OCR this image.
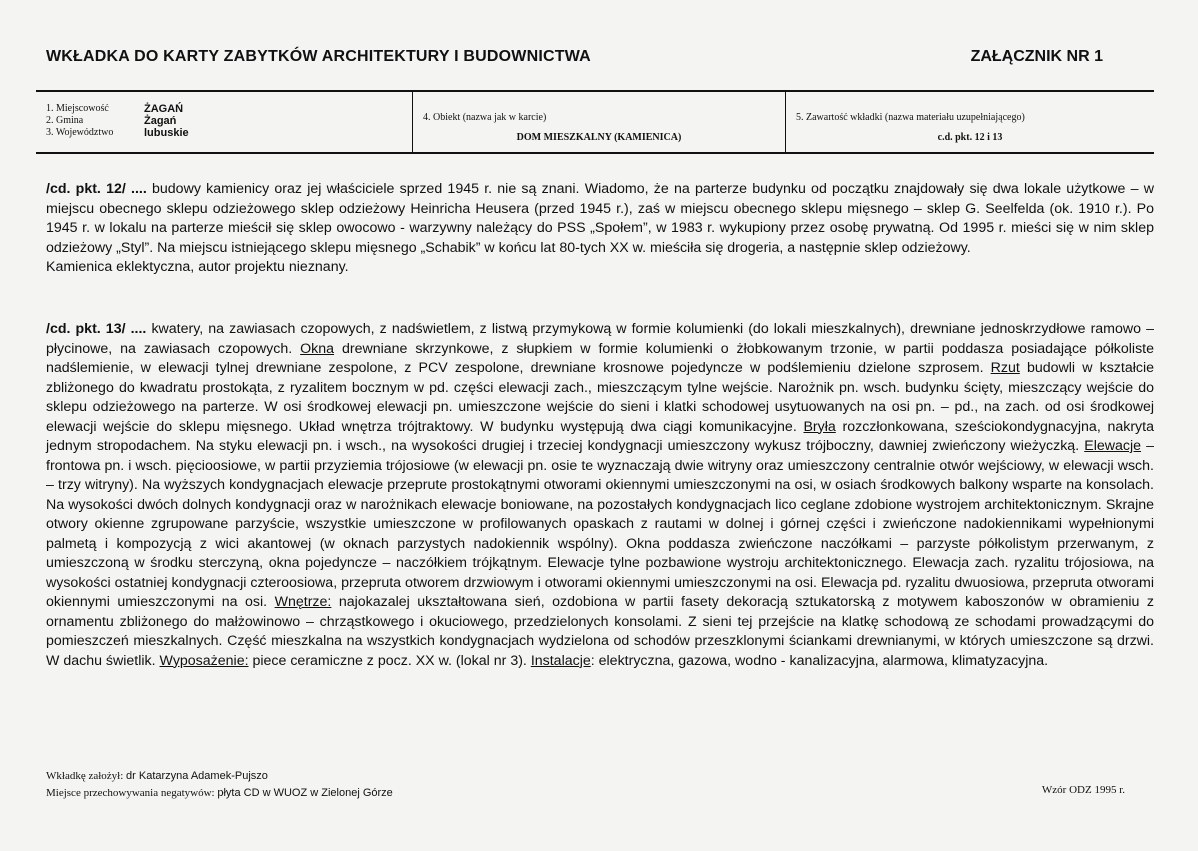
WKŁADKA DO KARTY ZABYTKÓW ARCHITEKTURY I BUDOWNICTWA	ZAŁĄCZNIK NR 1
1. Miejscowość	ŻAGAŃ
2. Gmina	Żagań
3. Województwo	lubuskie
4. Obiekt (nazwa jak w karcie)
DOM MIESZKALNY (KAMIENICA)
5. Zawartość wkładki (nazwa materiału uzupełniającego)
c.d. pkt. 12 i 13
/cd. pkt. 12/ .... budowy kamienicy oraz jej właściciele sprzed 1945 r. nie są znani. Wiadomo, że na parterze budynku od początku znajdowały się dwa lokale użytkowe – w miejscu obecnego sklepu odzieżowego sklep odzieżowy Heinricha Heusera (przed 1945 r.), zaś w miejscu obecnego sklepu mięsnego – sklep G. Seelfelda (ok. 1910 r.). Po 1945 r. w lokalu na parterze mieścił się sklep owocowo - warzywny należący do PSS „Społem”, w 1983 r. wykupiony przez osobę prywatną. Od 1995 r. mieści się w nim sklep odzieżowy „Styl”. Na miejscu istniejącego sklepu mięsnego „Schabik” w końcu lat 80-tych XX w. mieściła się drogeria, a następnie sklep odzieżowy.
Kamienica eklektyczna, autor projektu nieznany.
/cd. pkt. 13/ .... kwatery, na zawiasach czopowych, z nadświetlem, z listwą przymykową w formie kolumienki (do lokali mieszkalnych), drewniane jednoskrzydłowe ramowo – płycinowe, na zawiasach czopowych. Okna drewniane skrzynkowe, z słupkiem w formie kolumienki o żłobkowanym trzonie, w partii poddasza posiadające półkoliste nadślemienie, w elewacji tylnej drewniane zespolone, z PCV zespolone, drewniane krosnowe pojedyncze w podślemieniu dzielone szprosem. Rzut budowli w kształcie zbliżonego do kwadratu prostokąta, z ryzalitem bocznym w pd. części elewacji zach., mieszczącym tylne wejście. Narożnik pn. wsch. budynku ścięty, mieszczący wejście do sklepu odzieżowego na parterze. W osi środkowej elewacji pn. umieszczone wejście do sieni i klatki schodowej usytuowanych na osi pn. – pd., na zach. od osi środkowej elewacji wejście do sklepu mięsnego. Układ wnętrza trójtraktowy. W budynku występują dwa ciągi komunikacyjne. Bryła rozczłonkowana, sześciokondygnacyjna, nakryta jednym stropodachem. Na styku elewacji pn. i wsch., na wysokości drugiej i trzeciej kondygnacji umieszczony wykusz trójboczny, dawniej zwieńczony wieżyczką. Elewacje – frontowa pn. i wsch. pięcioosiowe, w partii przyziemia trójosiowe (w elewacji pn. osie te wyznaczają dwie witryny oraz umieszczony centralnie otwór wejściowy, w elewacji wsch. – trzy witryny). Na wyższych kondygnacjach elewacje przeprute prostokątnymi otworami okiennymi umieszczonymi na osi, w osiach środkowych balkony wsparte na konsolach. Na wysokości dwóch dolnych kondygnacji oraz w narożnikach elewacje boniowane, na pozostałych kondygnacjach lico ceglane zdobione wystrojem architektonicznym. Skrajne otwory okienne zgrupowane parzyście, wszystkie umieszczone w profilowanych opaskach z rautami w dolnej i górnej części i zwieńczone nadokiennikami wypełnionymi palmetą i kompozycją z wici akantowej (w oknach parzystych nadokiennik wspólny). Okna poddasza zwieńczone naczółkami – parzyste półkolistym przerwanym, z umieszczoną w środku sterczyną, okna pojedyncze – naczółkiem trójkątnym. Elewacje tylne pozbawione wystroju architektonicznego. Elewacja zach. ryzalitu trójosiowa, na wysokości ostatniej kondygnacji czteroosiowa, przepruta otworem drzwiowym i otworami okiennymi umieszczonymi na osi. Elewacja pd. ryzalitu dwuosiowa, przepruta otworami okiennymi umieszczonymi na osi. Wnętrze: najokazalej ukształtowana sień, ozdobiona w partii fasety dekoracją sztukatorską z motywem kaboszonów w obramieniu z ornamentu zbliżonego do małżowinowo – chrząstkowego i okuciowego, przedzielonych konsolami. Z sieni tej przejście na klatkę schodową ze schodami prowadzącymi do pomieszczeń mieszkalnych. Część mieszkalna na wszystkich kondygnacjach wydzielona od schodów przeszklonymi ściankami drewnianymi, w których umieszczone są drzwi. W dachu świetlik. Wyposażenie: piece ceramiczne z pocz. XX w. (lokal nr 3). Instalacje: elektryczna, gazowa, wodno - kanalizacyjna, alarmowa, klimatyzacyjna.
Wkładkę założył: dr Katarzyna Adamek-Pujszo
Miejsce przechowywania negatywów: płyta CD w WUOZ w Zielonej Górze	Wzór ODZ 1995 r.
